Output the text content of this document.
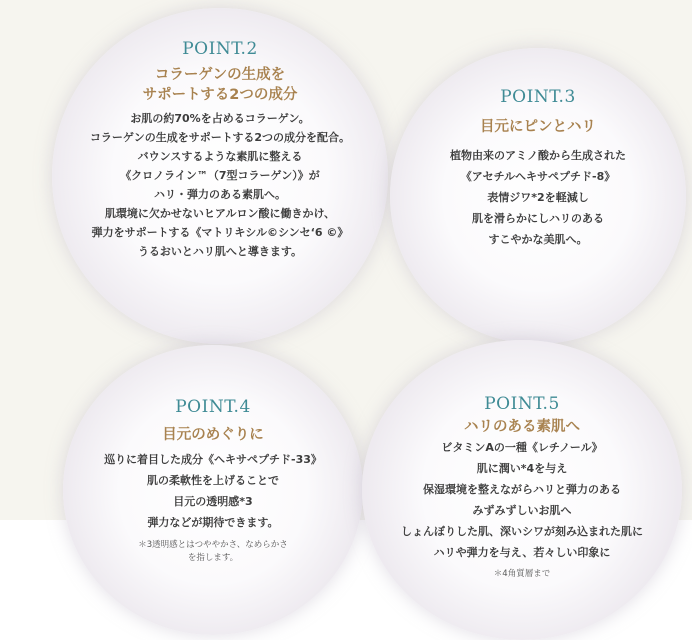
POINT.2
コラーゲンの生成を
サポートする2つの成分
お肌の約70%を占めるコラーゲン。
コラーゲンの生成をサポートする2つの成分を配合。
バウンスするような素肌に整える
《クロノライン™（7型コラーゲン）》が
ハリ・弾力のある素肌へ。
肌環境に欠かせないヒアルロン酸に働きかけ、
弾力をサポートする《マトリキシル©シンセ‘6 ©》
うるおいとハリ肌へと導きます。
POINT.3
目元にピンとハリ
植物由来のアミノ酸から生成された
《アセチルヘキサペプチド-8》
表情ジワ*2を軽減し
肌を滑らかにしハリのある
すこやかな美肌へ。
POINT.4
目元のめぐりに
巡りに着目した成分《ヘキサペプチド-33》
肌の柔軟性を上げることで
目元の透明感*3
弾力などが期待できます。
＊3透明感とはつややかさ、なめらかさ
を指します。
POINT.5
ハリのある素肌へ
ビタミンAの一種《レチノール》
肌に潤い*4を与え
保湿環境を整えながらハリと弾力のある
みずみずしいお肌へ
しょんぼりした肌、深いシワが刻み込まれた肌に
ハリや弾力を与え、若々しい印象に
＊4角質層まで
